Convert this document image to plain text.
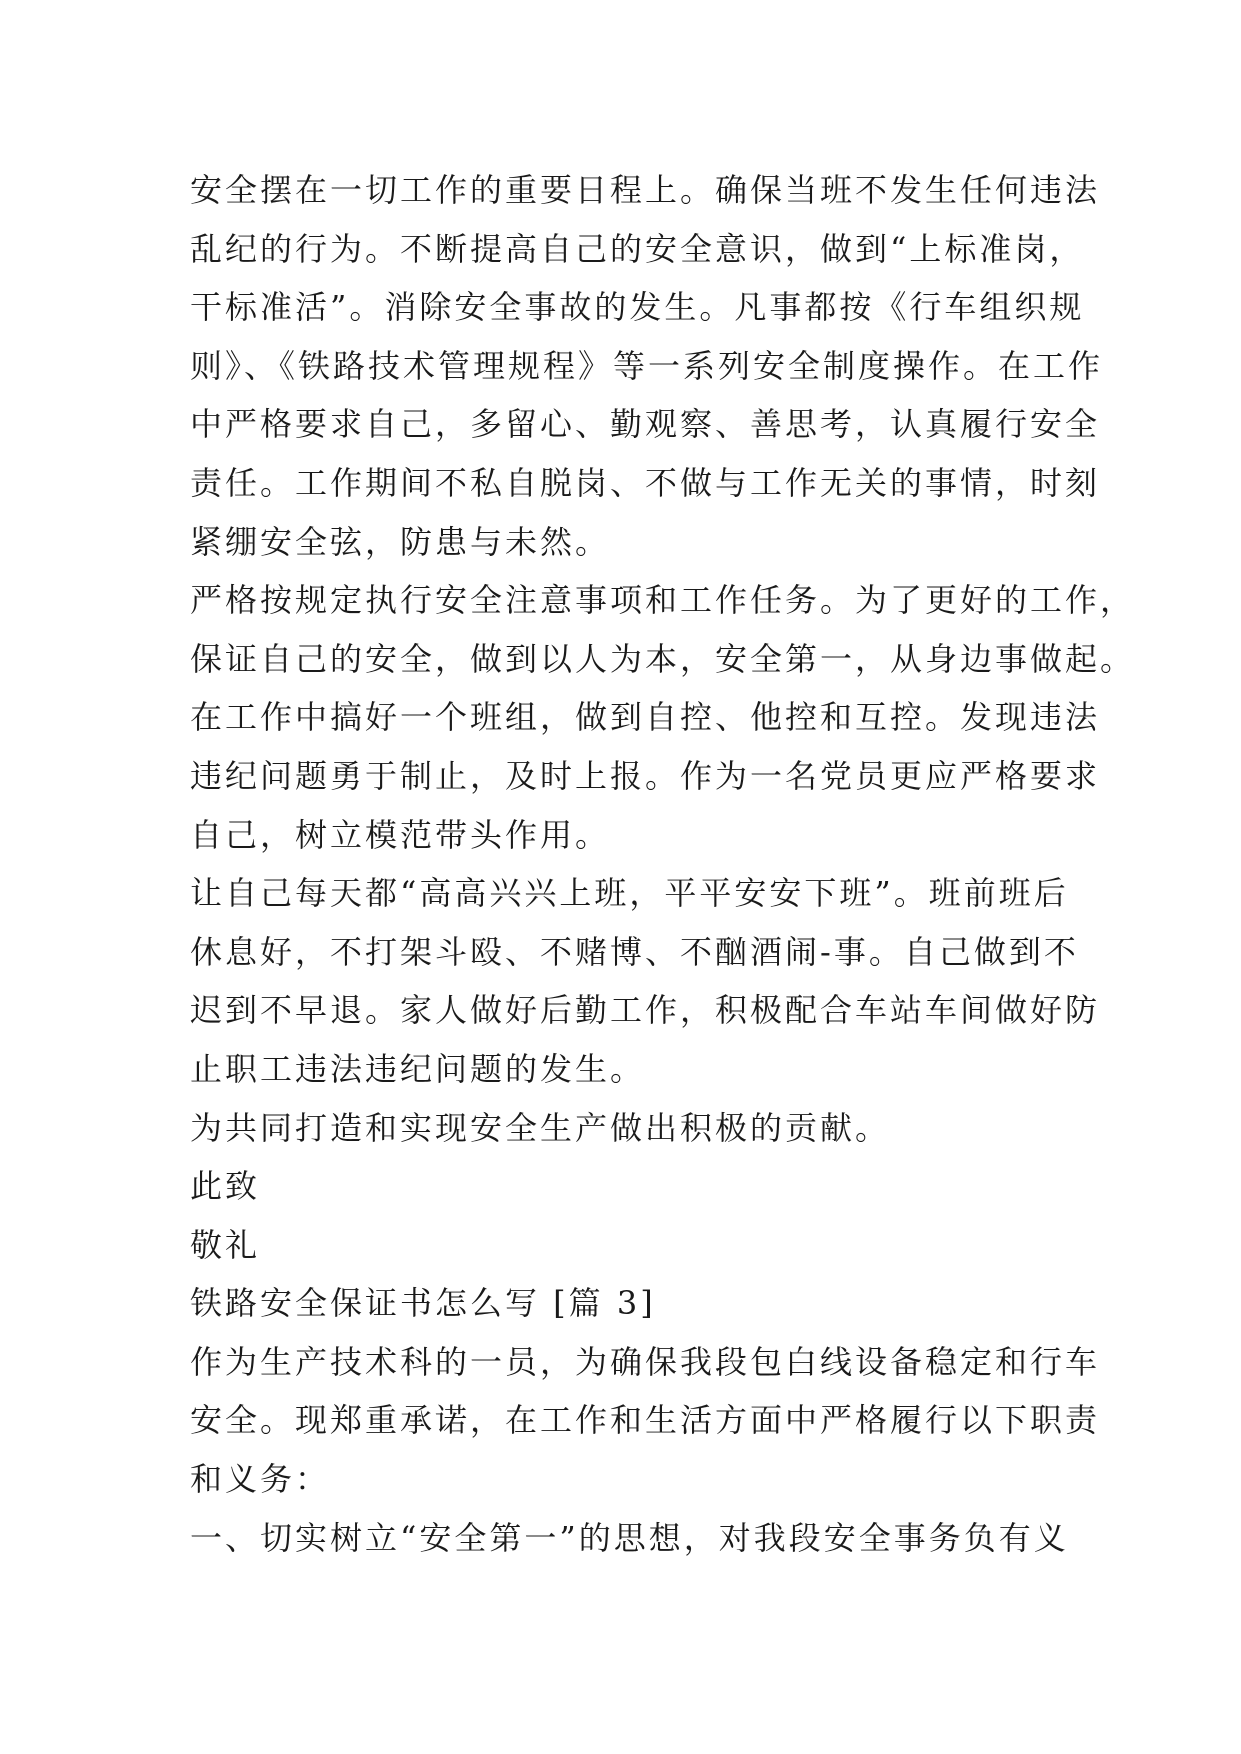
安全摆在一切工作的重要日程上。确保当班不发生任何违法
乱纪的行为。不断提高自己的安全意识，做到“上标准岗，
干标准活”。消除安全事故的发生。凡事都按《行车组织规
则》、《铁路技术管理规程》等一系列安全制度操作。在工作
中严格要求自己，多留心、勤观察、善思考，认真履行安全
责任。工作期间不私自脱岗、不做与工作无关的事情，时刻
紧绷安全弦，防患与未然。
严格按规定执行安全注意事项和工作任务。为了更好的工作，
保证自己的安全，做到以人为本，安全第一，从身边事做起。
在工作中搞好一个班组，做到自控、他控和互控。发现违法
违纪问题勇于制止，及时上报。作为一名党员更应严格要求
自己，树立模范带头作用。
让自己每天都“高高兴兴上班，平平安安下班”。班前班后
休息好，不打架斗殴、不赌博、不酗酒闹-事。自己做到不
迟到不早退。家人做好后勤工作，积极配合车站车间做好防
止职工违法违纪问题的发生。
为共同打造和实现安全生产做出积极的贡献。
此致
敬礼
铁路安全保证书怎么写 [篇 3]
作为生产技术科的一员，为确保我段包白线设备稳定和行车
安全。现郑重承诺，在工作和生活方面中严格履行以下职责
和义务：
一、切实树立“安全第一”的思想，对我段安全事务负有义
